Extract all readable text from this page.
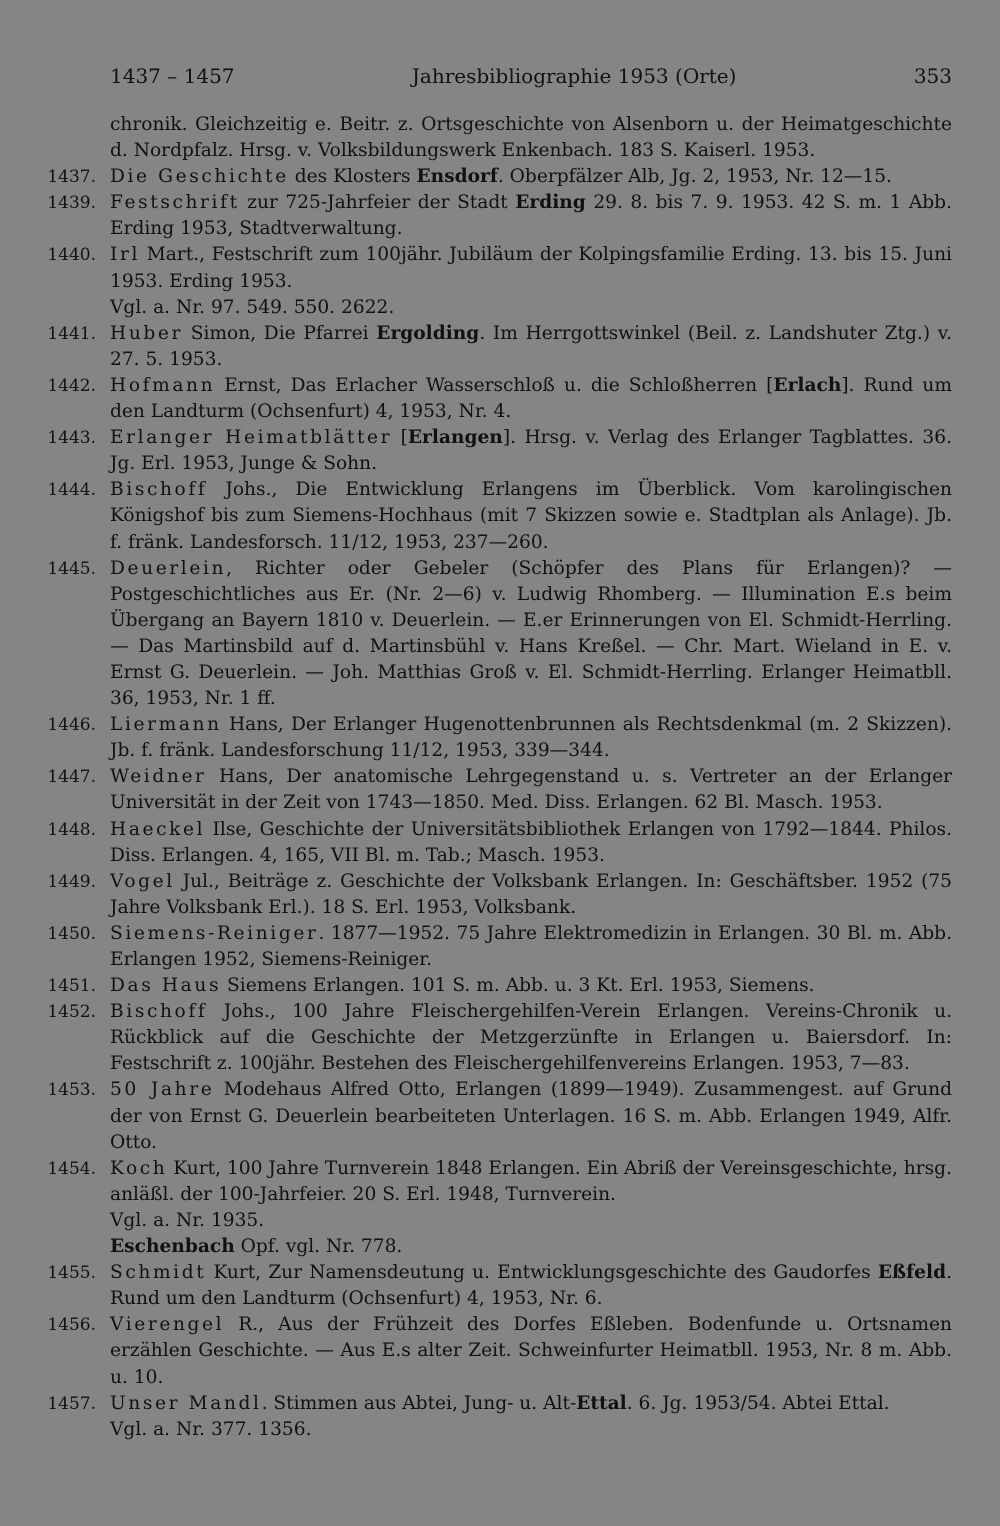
1437 – 1457	Jahresbibliographie 1953 (Orte)	353
chronik. Gleichzeitig e. Beitr. z. Ortsgeschichte von Alsenborn u. der Heimatgeschichte d. Nordpfalz. Hrsg. v. Volksbildungswerk Enkenbach. 183 S. Kaiserl. 1953.
1437. Die Geschichte des Klosters Ensdorf. Oberpfälzer Alb, Jg. 2, 1953, Nr. 12—15.
1439. Festschrift zur 725-Jahrfeier der Stadt Erding 29. 8. bis 7. 9. 1953. 42 S. m. 1 Abb. Erding 1953, Stadtverwaltung.
1440. Irl Mart., Festschrift zum 100jähr. Jubiläum der Kolpingsfamilie Erding. 13. bis 15. Juni 1953. Erding 1953.
Vgl. a. Nr. 97. 549. 550. 2622.
1441. Huber Simon, Die Pfarrei Ergolding. Im Herrgottswinkel (Beil. z. Landshuter Ztg.) v. 27. 5. 1953.
1442. Hofmann Ernst, Das Erlacher Wasserschloß u. die Schloßherren [Erlach]. Rund um den Landturm (Ochsenfurt) 4, 1953, Nr. 4.
1443. Erlanger Heimatblätter [Erlangen]. Hrsg. v. Verlag des Erlanger Tagblattes. 36. Jg. Erl. 1953, Junge & Sohn.
1444. Bischoff Johs., Die Entwicklung Erlangens im Überblick. Vom karolingischen Königshof bis zum Siemens-Hochhaus (mit 7 Skizzen sowie e. Stadtplan als Anlage). Jb. f. fränk. Landesforsch. 11/12, 1953, 237—260.
1445. Deuerlein, Richter oder Gebeler (Schöpfer des Plans für Erlangen)? — Postgeschichtliches aus Er. (Nr. 2—6) v. Ludwig Rhomberg. — Illumination E.s beim Übergang an Bayern 1810 v. Deuerlein. — E.er Erinnerungen von El. Schmidt-Herrling. — Das Martinsbild auf d. Martinsbühl v. Hans Kreßel. — Chr. Mart. Wieland in E. v. Ernst G. Deuerlein. — Joh. Matthias Groß v. El. Schmidt-Herrling. Erlanger Heimatbll. 36, 1953, Nr. 1 ff.
1446. Liermann Hans, Der Erlanger Hugenottenbrunnen als Rechtsdenkmal (m. 2 Skizzen). Jb. f. fränk. Landesforschung 11/12, 1953, 339—344.
1447. Weidner Hans, Der anatomische Lehrgegenstand u. s. Vertreter an der Erlanger Universität in der Zeit von 1743—1850. Med. Diss. Erlangen. 62 Bl. Masch. 1953.
1448. Haeckel Ilse, Geschichte der Universitätsbibliothek Erlangen von 1792—1844. Philos. Diss. Erlangen. 4, 165, VII Bl. m. Tab.; Masch. 1953.
1449. Vogel Jul., Beiträge z. Geschichte der Volksbank Erlangen. In: Geschäftsber. 1952 (75 Jahre Volksbank Erl.). 18 S. Erl. 1953, Volksbank.
1450. Siemens-Reiniger. 1877—1952. 75 Jahre Elektromedizin in Erlangen. 30 Bl. m. Abb. Erlangen 1952, Siemens-Reiniger.
1451. Das Haus Siemens Erlangen. 101 S. m. Abb. u. 3 Kt. Erl. 1953, Siemens.
1452. Bischoff Johs., 100 Jahre Fleischergehilfen-Verein Erlangen. Vereins-Chronik u. Rückblick auf die Geschichte der Metzgerzünfte in Erlangen u. Baiersdorf. In: Festschrift z. 100jähr. Bestehen des Fleischergehilfenvereins Erlangen. 1953, 7—83.
1453. 50 Jahre Modehaus Alfred Otto, Erlangen (1899—1949). Zusammengest. auf Grund der von Ernst G. Deuerlein bearbeiteten Unterlagen. 16 S. m. Abb. Erlangen 1949, Alfr. Otto.
1454. Koch Kurt, 100 Jahre Turnverein 1848 Erlangen. Ein Abriß der Vereinsgeschichte, hrsg. anläßl. der 100-Jahrfeier. 20 S. Erl. 1948, Turnverein.
Vgl. a. Nr. 1935.
Eschenbach Opf. vgl. Nr. 778.
1455. Schmidt Kurt, Zur Namensdeutung u. Entwicklungsgeschichte des Gaudorfes Eßfeld. Rund um den Landturm (Ochsenfurt) 4, 1953, Nr. 6.
1456. Vierengel R., Aus der Frühzeit des Dorfes Eßleben. Bodenfunde u. Ortsnamen erzählen Geschichte. — Aus E.s alter Zeit. Schweinfurter Heimatbll. 1953, Nr. 8 m. Abb. u. 10.
1457. Unser Mandl. Stimmen aus Abtei, Jung- u. Alt-Ettal. 6. Jg. 1953/54. Abtei Ettal.
Vgl. a. Nr. 377. 1356.
